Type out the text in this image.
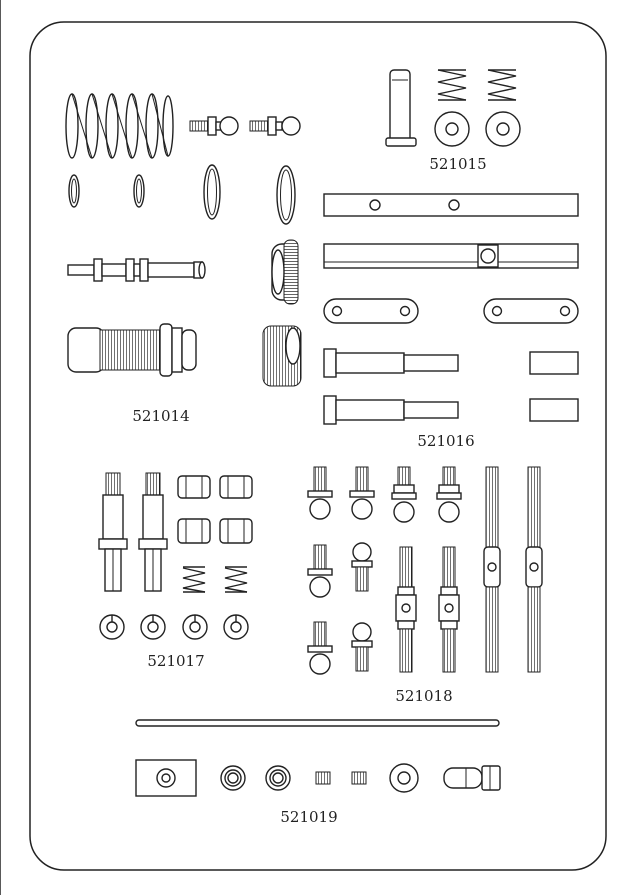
521014
521015
521016
521017
521018
521019
